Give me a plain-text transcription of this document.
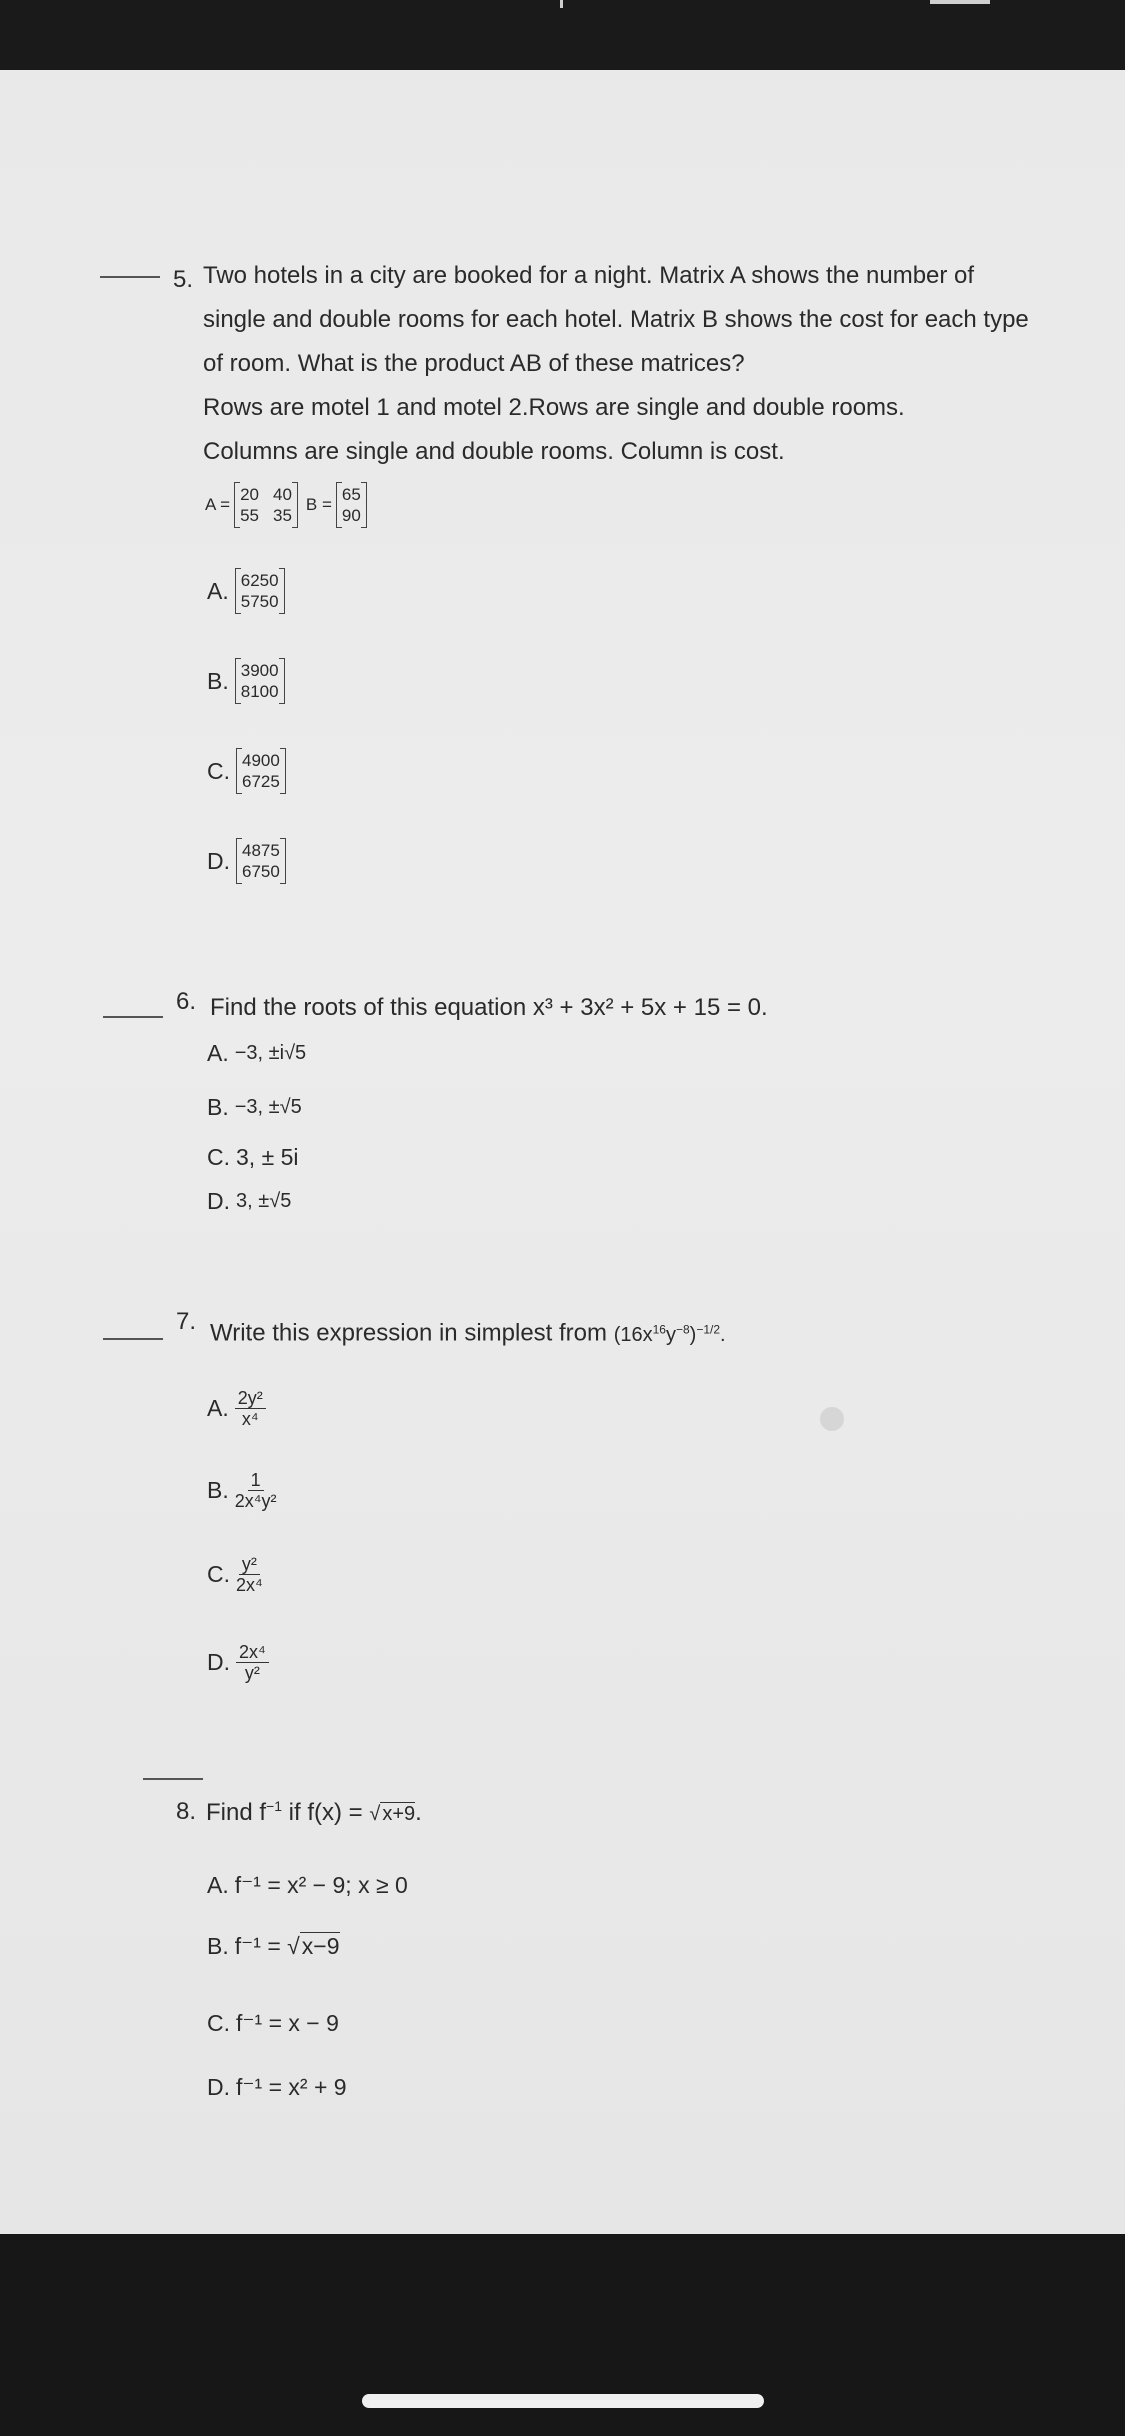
5. Two hotels in a city are booked for a night. Matrix A shows the number of
single and double rooms for each hotel. Matrix B shows the cost for each type
of room. What is the product AB of these matrices?
Rows are motel 1 and motel 2.Rows are single and double rooms.
Columns are single and double rooms. Column is cost.
A =
20
55
40
35
B =
65
90
A. 6250
5750
B. 3900
8100
C. 4900
6725
D. 4875
6750
6. Find the roots of this equation x³ + 3x² + 5x + 15 = 0.
A. −3, ±i√5
B. −3, ±√5
C. 3, ± 5i
D. 3, ±√5
7. Write this expression in simplest from $(16x^{16}y^{-8})^{-1/2}$.
A. $\frac{\text{2y²}}{\text{x⁴}}$
B. $\frac{1}{\text{2x⁴y²}}$
C. $\frac{\text{y²}}{\text{2x⁴}}$
D. $\frac{\text{2x⁴}}{\text{y²}}$
8. Find $f^{-1}$ if f(x) = √ x+9.
A. f⁻¹ = x² − 9; x ≥ 0
B. f⁻¹ = √ x−9
C. f⁻¹ = x − 9
D. f⁻¹ = x² + 9
